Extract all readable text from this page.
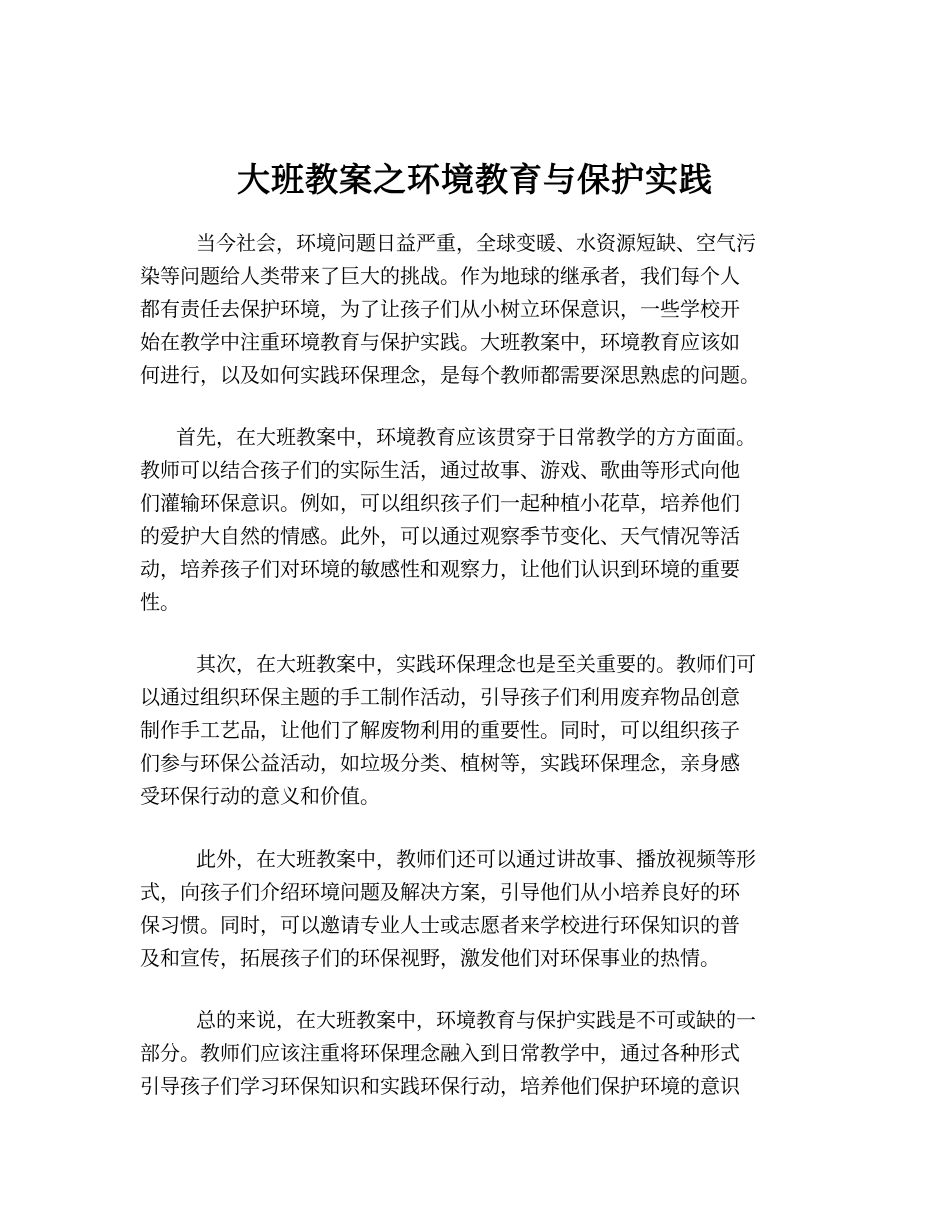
大班教案之环境教育与保护实践
当今社会，环境问题日益严重，全球变暖、水资源短缺、空气污
染等问题给人类带来了巨大的挑战。作为地球的继承者，我们每个人
都有责任去保护环境，为了让孩子们从小树立环保意识，一些学校开
始在教学中注重环境教育与保护实践。大班教案中，环境教育应该如
何进行，以及如何实践环保理念，是每个教师都需要深思熟虑的问题。
首先，在大班教案中，环境教育应该贯穿于日常教学的方方面面。
教师可以结合孩子们的实际生活，通过故事、游戏、歌曲等形式向他
们灌输环保意识。例如，可以组织孩子们一起种植小花草，培养他们
的爱护大自然的情感。此外，可以通过观察季节变化、天气情况等活
动，培养孩子们对环境的敏感性和观察力，让他们认识到环境的重要
性。
其次，在大班教案中，实践环保理念也是至关重要的。教师们可
以通过组织环保主题的手工制作活动，引导孩子们利用废弃物品创意
制作手工艺品，让他们了解废物利用的重要性。同时，可以组织孩子
们参与环保公益活动，如垃圾分类、植树等，实践环保理念，亲身感
受环保行动的意义和价值。
此外，在大班教案中，教师们还可以通过讲故事、播放视频等形
式，向孩子们介绍环境问题及解决方案，引导他们从小培养良好的环
保习惯。同时，可以邀请专业人士或志愿者来学校进行环保知识的普
及和宣传，拓展孩子们的环保视野，激发他们对环保事业的热情。
总的来说，在大班教案中，环境教育与保护实践是不可或缺的一
部分。教师们应该注重将环保理念融入到日常教学中，通过各种形式
引导孩子们学习环保知识和实践环保行动，培养他们保护环境的意识
